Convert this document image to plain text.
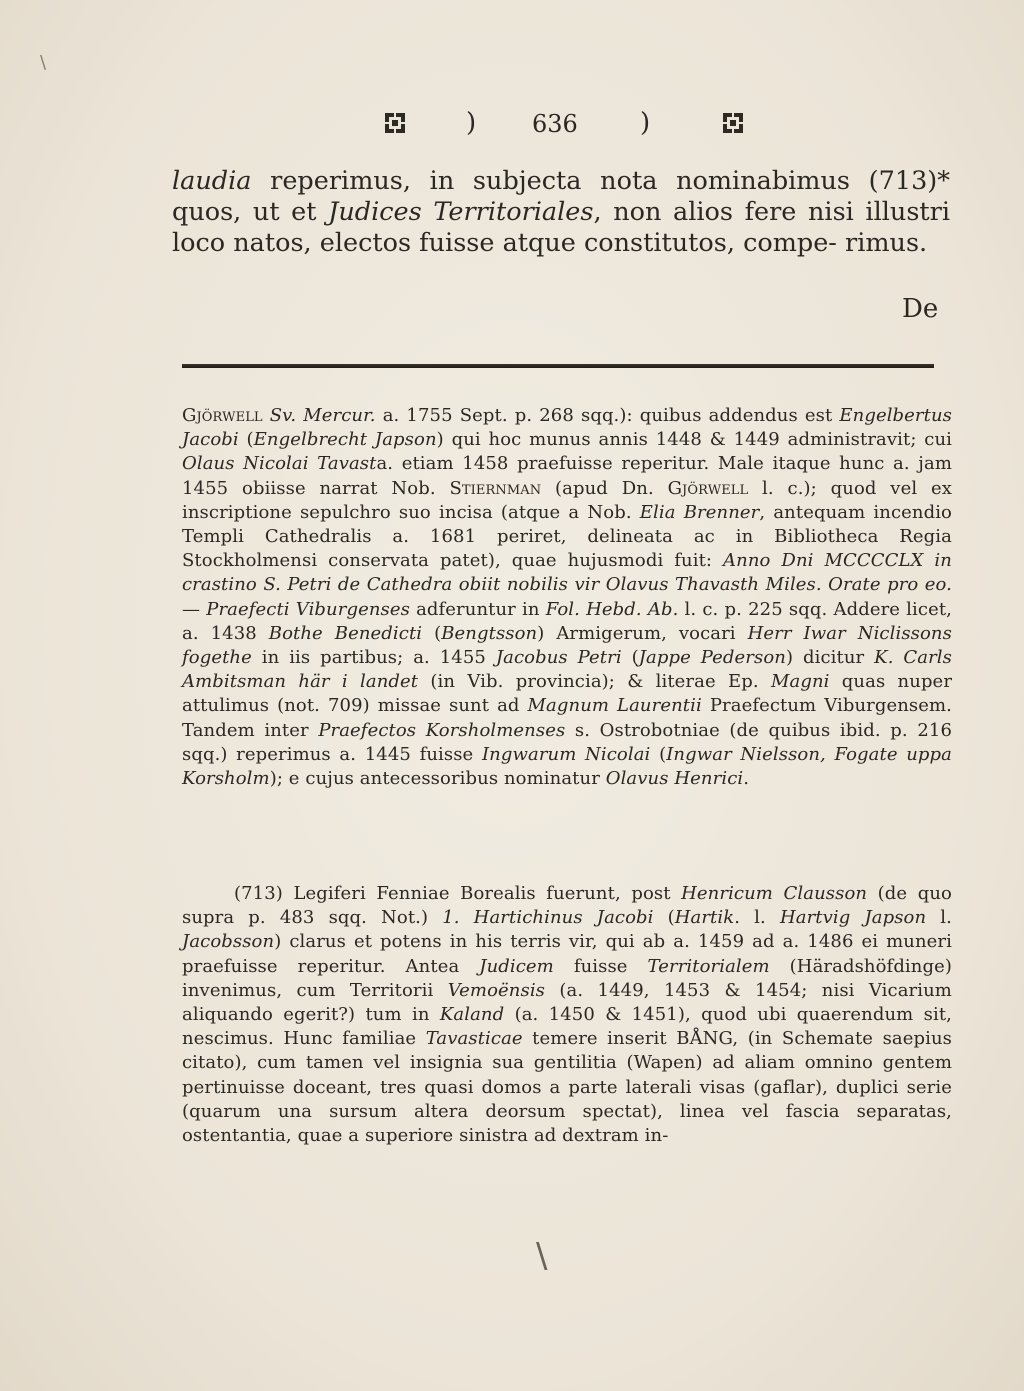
) 636 )

laudia reperimus, in subjecta nota nominabimus (713)* quos, ut et Judices Territoriales, non alios fere nisi illustri loco natos, electos fuisse atque constitutos, compe- rimus.

De

Gjörwell Sv. Mercur. a. 1755 Sept. p. 268 sqq.): quibus addendus est Engelbertus Jacobi (Engelbrecht Japson) qui hoc munus annis 1448 & 1449 administravit; cui Olaus Nicolai Tavasta. etiam 1458 praefuisse reperitur. Male itaque hunc a. jam 1455 obiisse narrat Nob. Stiernman (apud Dn. Gjörwell l. c.); quod vel ex inscriptione sepulchro suo incisa (atque a Nob. Elia Brenner, antequam incendio Templi Cathedralis a. 1681 periret, delineata ac in Bibliotheca Regia Stockholmensi conservata patet), quae hujusmodi fuit: Anno Dni MCCCCLX in crastino S. Petri de Cathedra obiit nobilis vir Olavus Thavasth Miles. Orate pro eo. — Praefecti Viburgenses adferuntur in Fol. Hebd. Ab. l. c. p. 225 sqq. Addere licet, a. 1438 Bothe Benedicti (Bengtsson) Armigerum, vocari Herr Iwar Niclissons fogethe in iis partibus; a. 1455 Jacobus Petri (Jappe Pederson) dicitur K. Carls Ambitsman här i landet (in Vib. provincia); & literae Ep. Magni quas nuper attulimus (not. 709) missae sunt ad Magnum Laurentii Praefectum Viburgensem. Tandem inter Praefectos Korsholmenses s. Ostrobotniae (de quibus ibid. p. 216 sqq.) reperimus a. 1445 fuisse Ingwarum Nicolai (Ingwar Nielsson, Fogate uppa Korsholm); e cujus antecessoribus nominatur Olavus Henrici.

(713) Legiferi Fenniae Borealis fuerunt, post Henricum Clausson (de quo supra p. 483 sqq. Not.) 1. Hartichinus Jacobi (Hartik. l. Hartvig Japson l. Jacobsson) clarus et potens in his terris vir, qui ab a. 1459 ad a. 1486 ei muneri praefuisse reperitur. Antea Judicem fuisse Territorialem (Häradshöfdinge) invenimus, cum Territorii Vemoënsis (a. 1449, 1453 & 1454; nisi Vicarium aliquando egerit?) tum in Kaland (a. 1450 & 1451), quod ubi quaerendum sit, nescimus. Hunc familiae Tavasticae temere inserit BÅNG, (in Schemate saepius citato), cum tamen vel insignia sua gentilitia (Wapen) ad aliam omnino gentem pertinuisse doceant, tres quasi domos a parte laterali visas (gaflar), duplici serie (quarum una sursum altera deorsum spectat), linea vel fascia separatas, ostentantia, quae a superiore sinistra ad dextram in-

\
\
